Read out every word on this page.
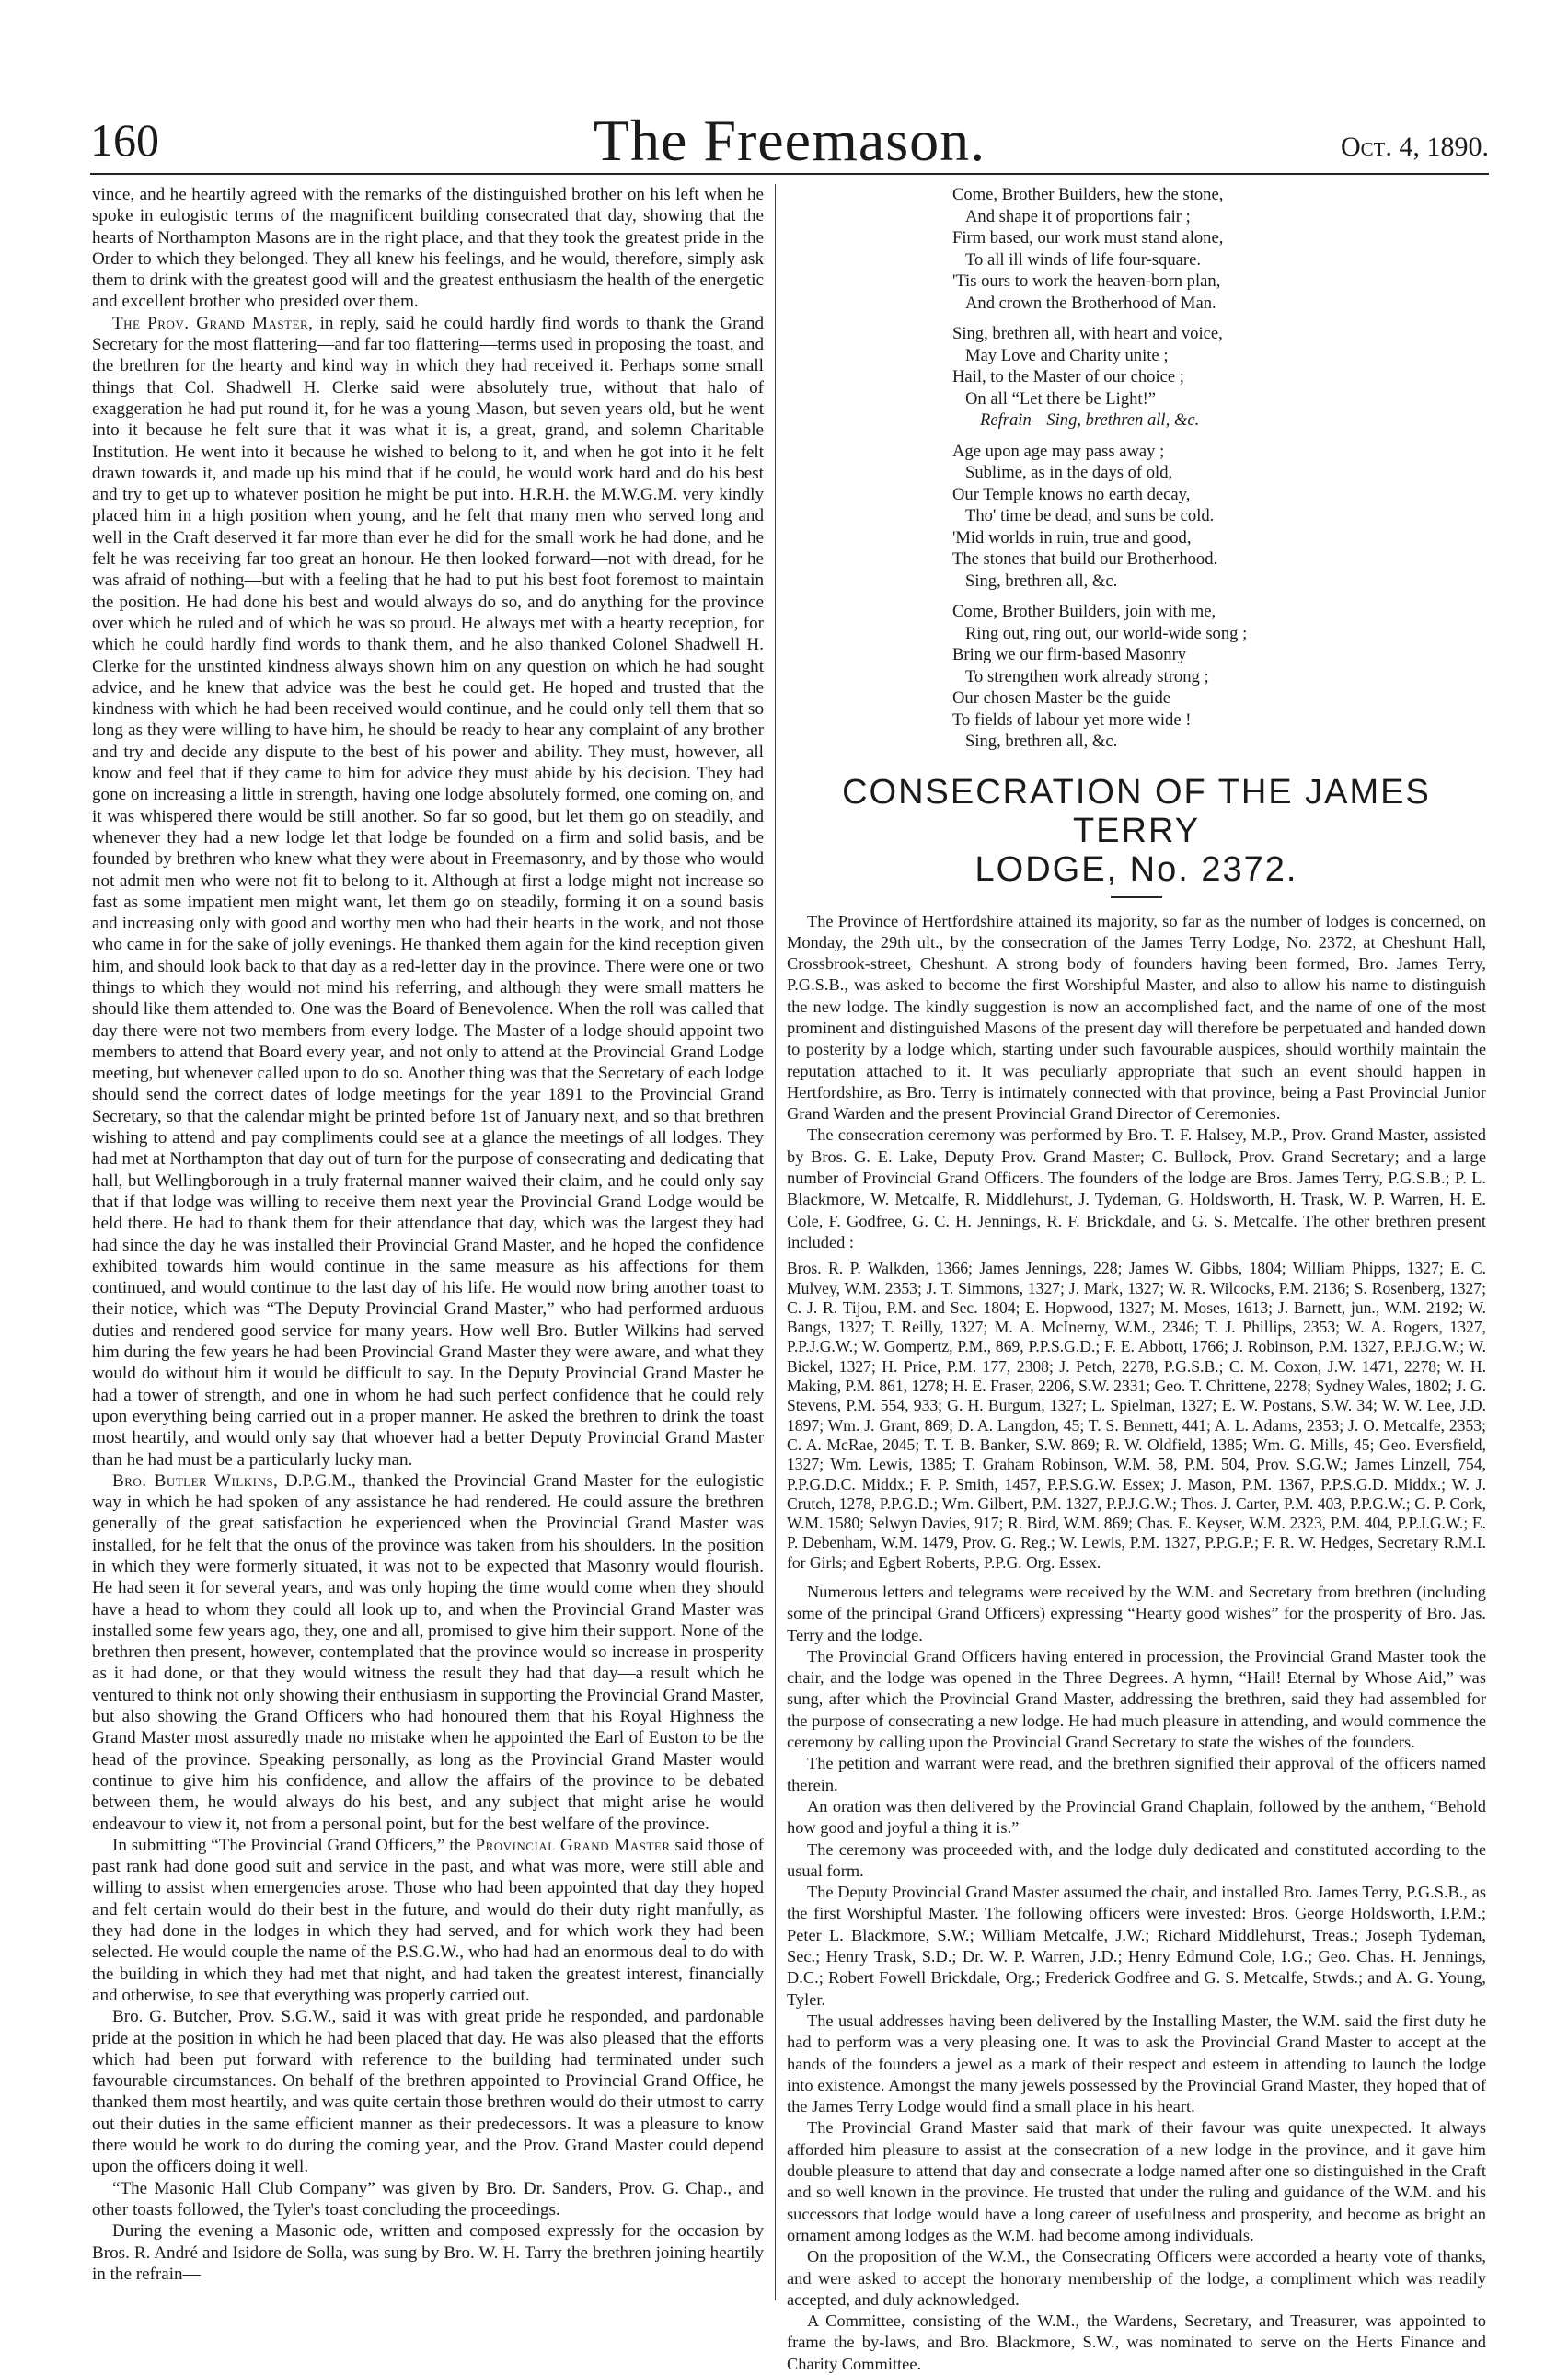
160	The Freemason.	Oct. 4, 1890.

vince, and he heartily agreed with the remarks of the distinguished brother on his left when he spoke in eulogistic terms of the magnificent building consecrated that day, showing that the hearts of Northampton Masons are in the right place, and that they took the greatest pride in the Order to which they belonged. They all knew his feelings, and he would, therefore, simply ask them to drink with the greatest good will and the greatest enthusiasm the health of the energetic and excellent brother who presided over them.

The Prov. Grand Master, in reply, said he could hardly find words to thank the Grand Secretary for the most flattering—and far too flattering—terms used in proposing the toast, and the brethren for the hearty and kind way in which they had received it. Perhaps some small things that Col. Shadwell H. Clerke said were absolutely true, without that halo of exaggeration he had put round it, for he was a young Mason, but seven years old, but he went into it because he felt sure that it was what it is, a great, grand, and solemn Charitable Institution. He went into it because he wished to belong to it, and when he got into it he felt drawn towards it, and made up his mind that if he could, he would work hard and do his best and try to get up to whatever position he might be put into. H.R.H. the M.W.G.M. very kindly placed him in a high position when young, and he felt that many men who served long and well in the Craft deserved it far more than ever he did for the small work he had done, and he felt he was receiving far too great an honour. He then looked forward—not with dread, for he was afraid of nothing—but with a feeling that he had to put his best foot foremost to maintain the position. He had done his best and would always do so, and do anything for the province over which he ruled and of which he was so proud. He always met with a hearty reception, for which he could hardly find words to thank them, and he also thanked Colonel Shadwell H. Clerke for the unstinted kindness always shown him on any question on which he had sought advice, and he knew that advice was the best he could get. He hoped and trusted that the kindness with which he had been received would continue, and he could only tell them that so long as they were willing to have him, he should be ready to hear any complaint of any brother and try and decide any dispute to the best of his power and ability. They must, however, all know and feel that if they came to him for advice they must abide by his decision. They had gone on increasing a little in strength, having one lodge absolutely formed, one coming on, and it was whispered there would be still another. So far so good, but let them go on steadily, and whenever they had a new lodge let that lodge be founded on a firm and solid basis, and be founded by brethren who knew what they were about in Freemasonry, and by those who would not admit men who were not fit to belong to it. Although at first a lodge might not increase so fast as some impatient men might want, let them go on steadily, forming it on a sound basis and increasing only with good and worthy men who had their hearts in the work, and not those who came in for the sake of jolly evenings. He thanked them again for the kind reception given him, and should look back to that day as a red-letter day in the province. There were one or two things to which they would not mind his referring, and although they were small matters he should like them attended to. One was the Board of Benevolence. When the roll was called that day there were not two members from every lodge. The Master of a lodge should appoint two members to attend that Board every year, and not only to attend at the Provincial Grand Lodge meeting, but whenever called upon to do so. Another thing was that the Secretary of each lodge should send the correct dates of lodge meetings for the year 1891 to the Provincial Grand Secretary, so that the calendar might be printed before 1st of January next, and so that brethren wishing to attend and pay compliments could see at a glance the meetings of all lodges. They had met at Northampton that day out of turn for the purpose of consecrating and dedicating that hall, but Wellingborough in a truly fraternal manner waived their claim, and he could only say that if that lodge was willing to receive them next year the Provincial Grand Lodge would be held there. He had to thank them for their attendance that day, which was the largest they had had since the day he was installed their Provincial Grand Master, and he hoped the confidence exhibited towards him would continue in the same measure as his affections for them continued, and would continue to the last day of his life. He would now bring another toast to their notice, which was “The Deputy Provincial Grand Master,” who had performed arduous duties and rendered good service for many years. How well Bro. Butler Wilkins had served him during the few years he had been Provincial Grand Master they were aware, and what they would do without him it would be difficult to say. In the Deputy Provincial Grand Master he had a tower of strength, and one in whom he had such perfect confidence that he could rely upon everything being carried out in a proper manner. He asked the brethren to drink the toast most heartily, and would only say that whoever had a better Deputy Provincial Grand Master than he had must be a particularly lucky man.

Bro. Butler Wilkins, D.P.G.M., thanked the Provincial Grand Master for the eulogistic way in which he had spoken of any assistance he had rendered. He could assure the brethren generally of the great satisfaction he experienced when the Provincial Grand Master was installed, for he felt that the onus of the province was taken from his shoulders. In the position in which they were formerly situated, it was not to be expected that Masonry would flourish. He had seen it for several years, and was only hoping the time would come when they should have a head to whom they could all look up to, and when the Provincial Grand Master was installed some few years ago, they, one and all, promised to give him their support. None of the brethren then present, however, contemplated that the province would so increase in prosperity as it had done, or that they would witness the result they had that day—a result which he ventured to think not only showing their enthusiasm in supporting the Provincial Grand Master, but also showing the Grand Officers who had honoured them that his Royal Highness the Grand Master most assuredly made no mistake when he appointed the Earl of Euston to be the head of the province. Speaking personally, as long as the Provincial Grand Master would continue to give him his confidence, and allow the affairs of the province to be debated between them, he would always do his best, and any subject that might arise he would endeavour to view it, not from a personal point, but for the best welfare of the province.

In submitting “The Provincial Grand Officers,” the Provincial Grand Master said those of past rank had done good suit and service in the past, and what was more, were still able and willing to assist when emergencies arose. Those who had been appointed that day they hoped and felt certain would do their best in the future, and would do their duty right manfully, as they had done in the lodges in which they had served, and for which work they had been selected. He would couple the name of the P.S.G.W., who had had an enormous deal to do with the building in which they had met that night, and had taken the greatest interest, financially and otherwise, to see that everything was properly carried out.

Bro. G. Butcher, Prov. S.G.W., said it was with great pride he responded, and pardonable pride at the position in which he had been placed that day. He was also pleased that the efforts which had been put forward with reference to the building had terminated under such favourable circumstances. On behalf of the brethren appointed to Provincial Grand Office, he thanked them most heartily, and was quite certain those brethren would do their utmost to carry out their duties in the same efficient manner as their predecessors. It was a pleasure to know there would be work to do during the coming year, and the Prov. Grand Master could depend upon the officers doing it well.

“The Masonic Hall Club Company” was given by Bro. Dr. Sanders, Prov. G. Chap., and other toasts followed, the Tyler's toast concluding the proceedings.

During the evening a Masonic ode, written and composed expressly for the occasion by Bros. R. André and Isidore de Solla, was sung by Bro. W. H. Tarry the brethren joining heartily in the refrain—

Come, Brother Builders, hew the stone,
And shape it of proportions fair ;
Firm based, our work must stand alone,
To all ill winds of life four-square.
'Tis ours to work the heaven-born plan,
And crown the Brotherhood of Man.
Sing, brethren all, with heart and voice,
May Love and Charity unite ;
Hail, to the Master of our choice ;
On all “Let there be Light!”
Refrain—Sing, brethren all, &c.
Age upon age may pass away ;
Sublime, as in the days of old,
Our Temple knows no earth decay,
Tho' time be dead, and suns be cold.
'Mid worlds in ruin, true and good,
The stones that build our Brotherhood.
Sing, brethren all, &c.
Come, Brother Builders, join with me,
Ring out, ring out, our world-wide song ;
Bring we our firm-based Masonry
To strengthen work already strong ;
Our chosen Master be the guide
To fields of labour yet more wide !
Sing, brethren all, &c.
CONSECRATION OF THE JAMES TERRY
LODGE, No. 2372.

The Province of Hertfordshire attained its majority, so far as the number of lodges is concerned, on Monday, the 29th ult., by the consecration of the James Terry Lodge, No. 2372, at Cheshunt Hall, Crossbrook-street, Cheshunt. A strong body of founders having been formed, Bro. James Terry, P.G.S.B., was asked to become the first Worshipful Master, and also to allow his name to distinguish the new lodge. The kindly suggestion is now an accomplished fact, and the name of one of the most prominent and distinguished Masons of the present day will therefore be perpetuated and handed down to posterity by a lodge which, starting under such favourable auspices, should worthily maintain the reputation attached to it. It was peculiarly appropriate that such an event should happen in Hertfordshire, as Bro. Terry is intimately connected with that province, being a Past Provincial Junior Grand Warden and the present Provincial Grand Director of Ceremonies.

The consecration ceremony was performed by Bro. T. F. Halsey, M.P., Prov. Grand Master, assisted by Bros. G. E. Lake, Deputy Prov. Grand Master; C. Bullock, Prov. Grand Secretary; and a large number of Provincial Grand Officers. The founders of the lodge are Bros. James Terry, P.G.S.B.; P. L. Blackmore, W. Metcalfe, R. Middlehurst, J. Tydeman, G. Holdsworth, H. Trask, W. P. Warren, H. E. Cole, F. Godfree, G. C. H. Jennings, R. F. Brickdale, and G. S. Metcalfe. The other brethren present included :

Bros. R. P. Walkden, 1366; James Jennings, 228; James W. Gibbs, 1804; William Phipps, 1327; E. C. Mulvey, W.M. 2353; J. T. Simmons, 1327; J. Mark, 1327; W. R. Wilcocks, P.M. 2136; S. Rosenberg, 1327; C. J. R. Tijou, P.M. and Sec. 1804; E. Hopwood, 1327; M. Moses, 1613; J. Barnett, jun., W.M. 2192; W. Bangs, 1327; T. Reilly, 1327; M. A. McInerny, W.M., 2346; T. J. Phillips, 2353; W. A. Rogers, 1327, P.P.J.G.W.; W. Gompertz, P.M., 869, P.P.S.G.D.; F. E. Abbott, 1766; J. Robinson, P.M. 1327, P.P.J.G.W.; W. Bickel, 1327; H. Price, P.M. 177, 2308; J. Petch, 2278, P.G.S.B.; C. M. Coxon, J.W. 1471, 2278; W. H. Making, P.M. 861, 1278; H. E. Fraser, 2206, S.W. 2331; Geo. T. Chrittene, 2278; Sydney Wales, 1802; J. G. Stevens, P.M. 554, 933; G. H. Burgum, 1327; L. Spielman, 1327; E. W. Postans, S.W. 34; W. W. Lee, J.D. 1897; Wm. J. Grant, 869; D. A. Langdon, 45; T. S. Bennett, 441; A. L. Adams, 2353; J. O. Metcalfe, 2353; C. A. McRae, 2045; T. T. B. Banker, S.W. 869; R. W. Oldfield, 1385; Wm. G. Mills, 45; Geo. Eversfield, 1327; Wm. Lewis, 1385; T. Graham Robinson, W.M. 58, P.M. 504, Prov. S.G.W.; James Linzell, 754, P.P.G.D.C. Middx.; F. P. Smith, 1457, P.P.S.G.W. Essex; J. Mason, P.M. 1367, P.P.S.G.D. Middx.; W. J. Crutch, 1278, P.P.G.D.; Wm. Gilbert, P.M. 1327, P.P.J.G.W.; Thos. J. Carter, P.M. 403, P.P.G.W.; G. P. Cork, W.M. 1580; Selwyn Davies, 917; R. Bird, W.M. 869; Chas. E. Keyser, W.M. 2323, P.M. 404, P.P.J.G.W.; E. P. Debenham, W.M. 1479, Prov. G. Reg.; W. Lewis, P.M. 1327, P.P.G.P.; F. R. W. Hedges, Secretary R.M.I. for Girls; and Egbert Roberts, P.P.G. Org. Essex.

Numerous letters and telegrams were received by the W.M. and Secretary from brethren (including some of the principal Grand Officers) expressing “Hearty good wishes” for the prosperity of Bro. Jas. Terry and the lodge.

The Provincial Grand Officers having entered in procession, the Provincial Grand Master took the chair, and the lodge was opened in the Three Degrees. A hymn, “Hail! Eternal by Whose Aid,” was sung, after which the Provincial Grand Master, addressing the brethren, said they had assembled for the purpose of consecrating a new lodge. He had much pleasure in attending, and would commence the ceremony by calling upon the Provincial Grand Secretary to state the wishes of the founders.

The petition and warrant were read, and the brethren signified their approval of the officers named therein.

An oration was then delivered by the Provincial Grand Chaplain, followed by the anthem, “Behold how good and joyful a thing it is.”

The ceremony was proceeded with, and the lodge duly dedicated and constituted according to the usual form.

The Deputy Provincial Grand Master assumed the chair, and installed Bro. James Terry, P.G.S.B., as the first Worshipful Master. The following officers were invested: Bros. George Holdsworth, I.P.M.; Peter L. Blackmore, S.W.; William Metcalfe, J.W.; Richard Middlehurst, Treas.; Joseph Tydeman, Sec.; Henry Trask, S.D.; Dr. W. P. Warren, J.D.; Henry Edmund Cole, I.G.; Geo. Chas. H. Jennings, D.C.; Robert Fowell Brickdale, Org.; Frederick Godfree and G. S. Metcalfe, Stwds.; and A. G. Young, Tyler.

The usual addresses having been delivered by the Installing Master, the W.M. said the first duty he had to perform was a very pleasing one. It was to ask the Provincial Grand Master to accept at the hands of the founders a jewel as a mark of their respect and esteem in attending to launch the lodge into existence. Amongst the many jewels possessed by the Provincial Grand Master, they hoped that of the James Terry Lodge would find a small place in his heart.

The Provincial Grand Master said that mark of their favour was quite unexpected. It always afforded him pleasure to assist at the consecration of a new lodge in the province, and it gave him double pleasure to attend that day and consecrate a lodge named after one so distinguished in the Craft and so well known in the province. He trusted that under the ruling and guidance of the W.M. and his successors that lodge would have a long career of usefulness and prosperity, and become as bright an ornament among lodges as the W.M. had become among individuals.

On the proposition of the W.M., the Consecrating Officers were accorded a hearty vote of thanks, and were asked to accept the honorary membership of the lodge, a compliment which was readily accepted, and duly acknowledged.

A Committee, consisting of the W.M., the Wardens, Secretary, and Treasurer, was appointed to frame the by-laws, and Bro. Blackmore, S.W., was nominated to serve on the Herts Finance and Charity Committee.
